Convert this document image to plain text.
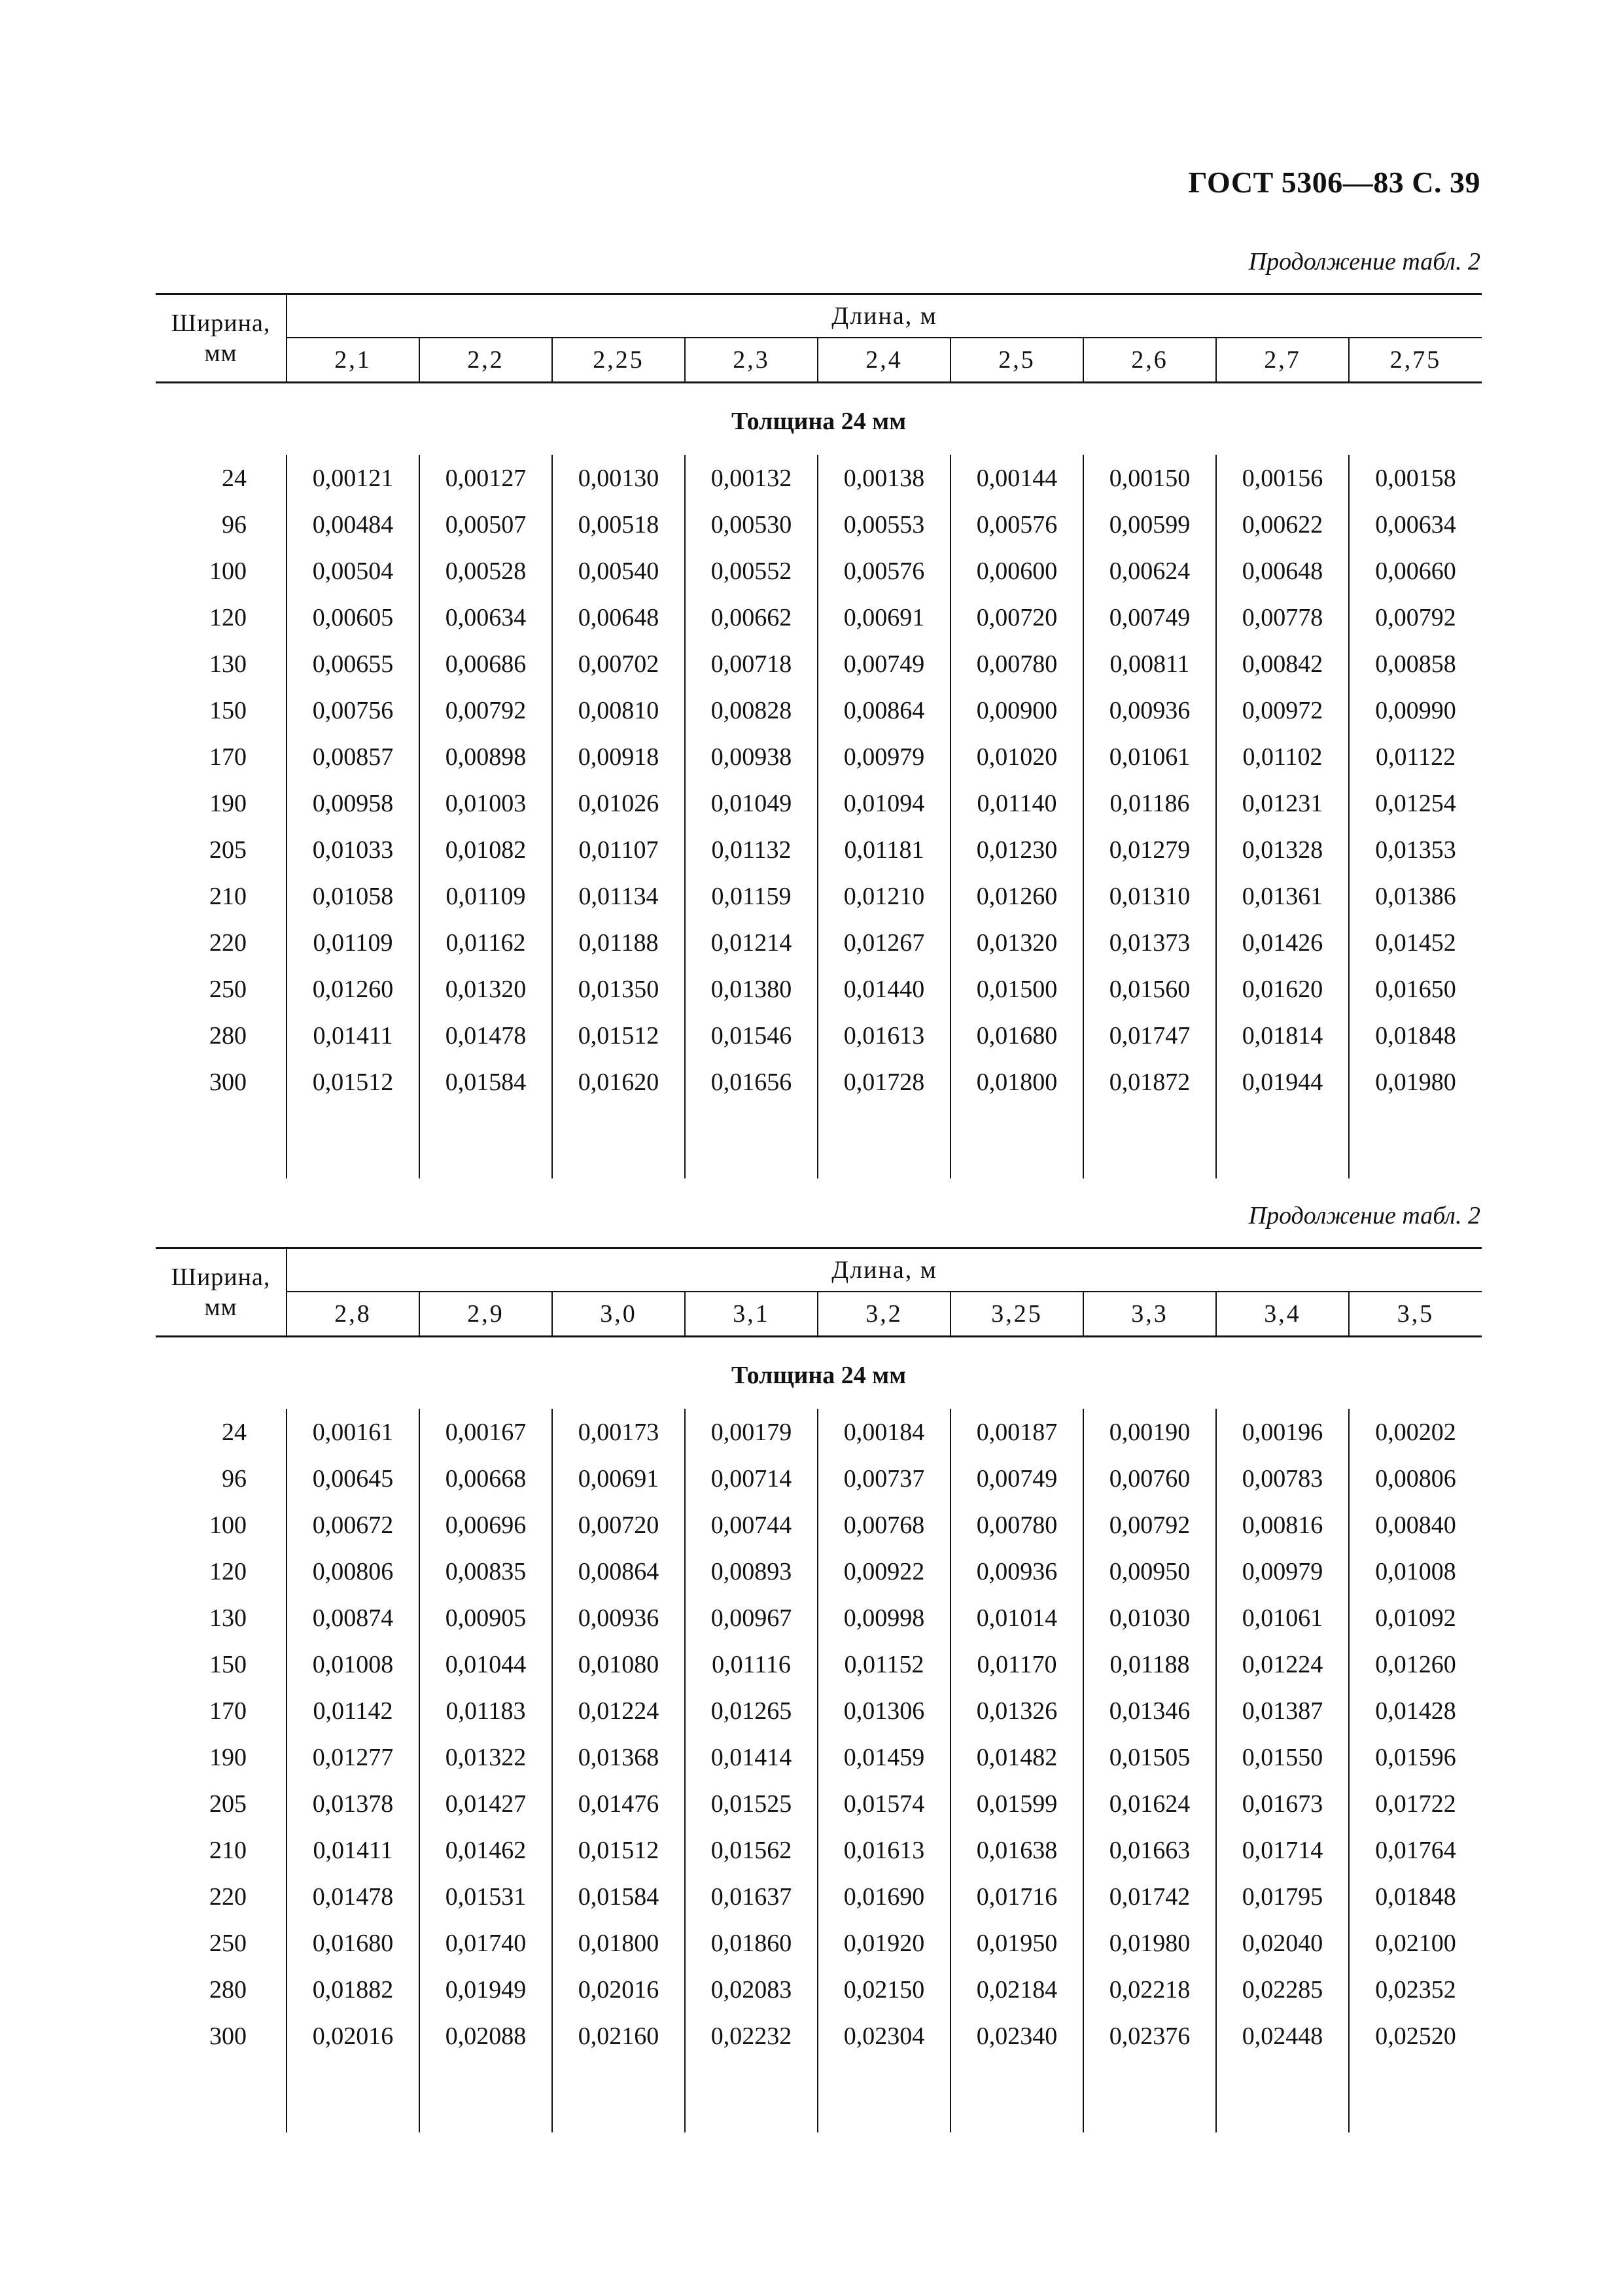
ГОСТ 5306—83 С. 39
Продолжение табл. 2
Ширина,
мм	Длина, м								
	2,1	2,2	2,25	2,3	2,4	2,5	2,6	2,7	2,75
Толщина 24 мм									
24	0,00121	0,00127	0,00130	0,00132	0,00138	0,00144	0,00150	0,00156	0,00158
96	0,00484	0,00507	0,00518	0,00530	0,00553	0,00576	0,00599	0,00622	0,00634
100	0,00504	0,00528	0,00540	0,00552	0,00576	0,00600	0,00624	0,00648	0,00660
120	0,00605	0,00634	0,00648	0,00662	0,00691	0,00720	0,00749	0,00778	0,00792
130	0,00655	0,00686	0,00702	0,00718	0,00749	0,00780	0,00811	0,00842	0,00858
150	0,00756	0,00792	0,00810	0,00828	0,00864	0,00900	0,00936	0,00972	0,00990
170	0,00857	0,00898	0,00918	0,00938	0,00979	0,01020	0,01061	0,01102	0,01122
190	0,00958	0,01003	0,01026	0,01049	0,01094	0,01140	0,01186	0,01231	0,01254
205	0,01033	0,01082	0,01107	0,01132	0,01181	0,01230	0,01279	0,01328	0,01353
210	0,01058	0,01109	0,01134	0,01159	0,01210	0,01260	0,01310	0,01361	0,01386
220	0,01109	0,01162	0,01188	0,01214	0,01267	0,01320	0,01373	0,01426	0,01452
250	0,01260	0,01320	0,01350	0,01380	0,01440	0,01500	0,01560	0,01620	0,01650
280	0,01411	0,01478	0,01512	0,01546	0,01613	0,01680	0,01747	0,01814	0,01848
300	0,01512	0,01584	0,01620	0,01656	0,01728	0,01800	0,01872	0,01944	0,01980

Продолжение табл. 2
Ширина,
мм	Длина, м								
	2,8	2,9	3,0	3,1	3,2	3,25	3,3	3,4	3,5
Толщина 24 мм									
24	0,00161	0,00167	0,00173	0,00179	0,00184	0,00187	0,00190	0,00196	0,00202
96	0,00645	0,00668	0,00691	0,00714	0,00737	0,00749	0,00760	0,00783	0,00806
100	0,00672	0,00696	0,00720	0,00744	0,00768	0,00780	0,00792	0,00816	0,00840
120	0,00806	0,00835	0,00864	0,00893	0,00922	0,00936	0,00950	0,00979	0,01008
130	0,00874	0,00905	0,00936	0,00967	0,00998	0,01014	0,01030	0,01061	0,01092
150	0,01008	0,01044	0,01080	0,01116	0,01152	0,01170	0,01188	0,01224	0,01260
170	0,01142	0,01183	0,01224	0,01265	0,01306	0,01326	0,01346	0,01387	0,01428
190	0,01277	0,01322	0,01368	0,01414	0,01459	0,01482	0,01505	0,01550	0,01596
205	0,01378	0,01427	0,01476	0,01525	0,01574	0,01599	0,01624	0,01673	0,01722
210	0,01411	0,01462	0,01512	0,01562	0,01613	0,01638	0,01663	0,01714	0,01764
220	0,01478	0,01531	0,01584	0,01637	0,01690	0,01716	0,01742	0,01795	0,01848
250	0,01680	0,01740	0,01800	0,01860	0,01920	0,01950	0,01980	0,02040	0,02100
280	0,01882	0,01949	0,02016	0,02083	0,02150	0,02184	0,02218	0,02285	0,02352
300	0,02016	0,02088	0,02160	0,02232	0,02304	0,02340	0,02376	0,02448	0,02520
